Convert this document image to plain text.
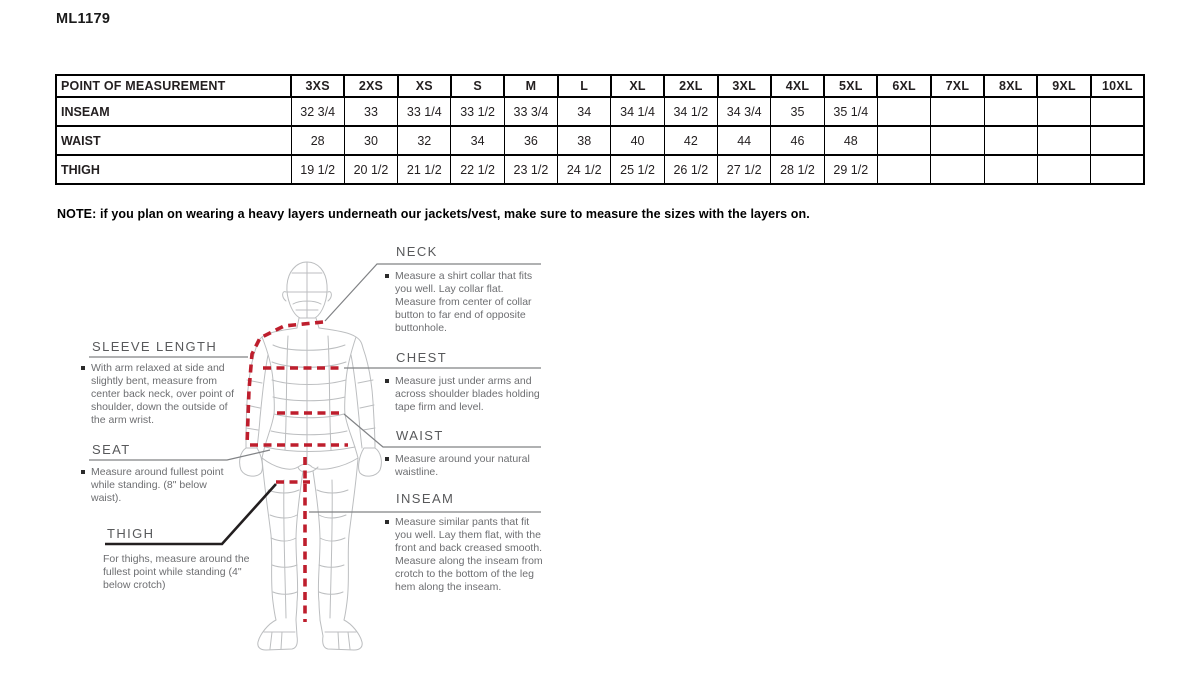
ML1179
POINT OF MEASUREMENT	3XS	2XS	XS	S	M	L	XL	2XL	3XL	4XL	5XL	6XL	7XL	8XL	9XL	10XL
INSEAM	32 3/4	33	33 1/4	33 1/2	33 3/4	34	34 1/4	34 1/2	34 3/4	35	35 1/4					
WAIST	28	30	32	34	36	38	40	42	44	46	48					
THIGH	19 1/2	20 1/2	21 1/2	22 1/2	23 1/2	24 1/2	25 1/2	26 1/2	27 1/2	28 1/2	29 1/2					
NOTE: if you plan on wearing a heavy layers underneath our jackets/vest, make sure to measure the sizes with the layers on.
NECK
Measure a shirt collar that fits you well. Lay collar flat. Measure from center of collar button to far end of opposite buttonhole.
SLEEVE LENGTH
With arm relaxed at side and slightly bent, measure from center back neck, over point of shoulder, down the outside of the arm wrist.
CHEST
Measure just under arms and across shoulder blades holding tape firm and level.
WAIST
Measure around your natural waistline.
SEAT
Measure around fullest point while standing. (8" below waist).
THIGH
For thighs, measure around the fullest point while standing (4" below crotch)
INSEAM
Measure similar pants that fit you well. Lay them flat, with the front and back creased smooth. Measure along the inseam from crotch to the bottom of the leg hem along the inseam.
